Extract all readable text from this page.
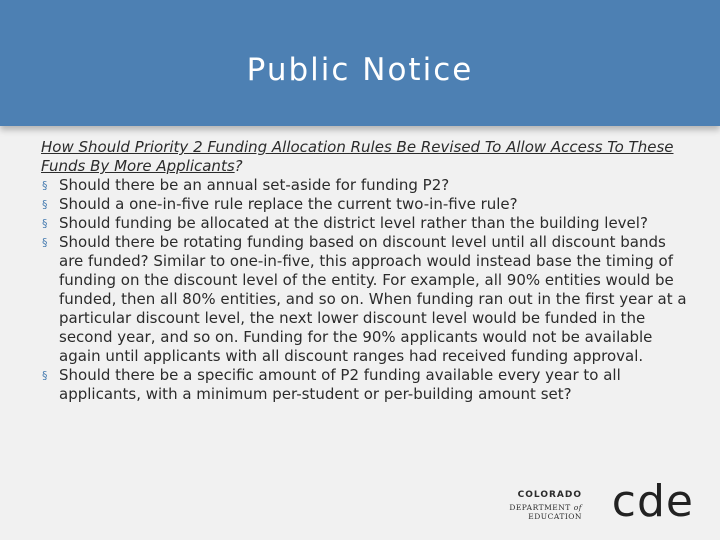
Public Notice

How Should Priority 2 Funding Allocation Rules Be Revised To Allow Access To These Funds By More Applicants?

§ Should there be an annual set-aside for funding P2?
§ Should a one-in-five rule replace the current two-in-five rule?
§ Should funding be allocated at the district level rather than the building level?
§ Should there be rotating funding based on discount level until all discount bands are funded? Similar to one-in-five, this approach would instead base the timing of funding on the discount level of the entity. For example, all 90% entities would be funded, then all 80% entities, and so on. When funding ran out in the first year at a particular discount level, the next lower discount level would be funded in the second year, and so on. Funding for the 90% applicants would not be available again until applicants with all discount ranges had received funding approval.
§ Should there be a specific amount of P2 funding available every year to all applicants, with a minimum per-student or per-building amount set?
COLORADO
DEPARTMENT of EDUCATION cde
